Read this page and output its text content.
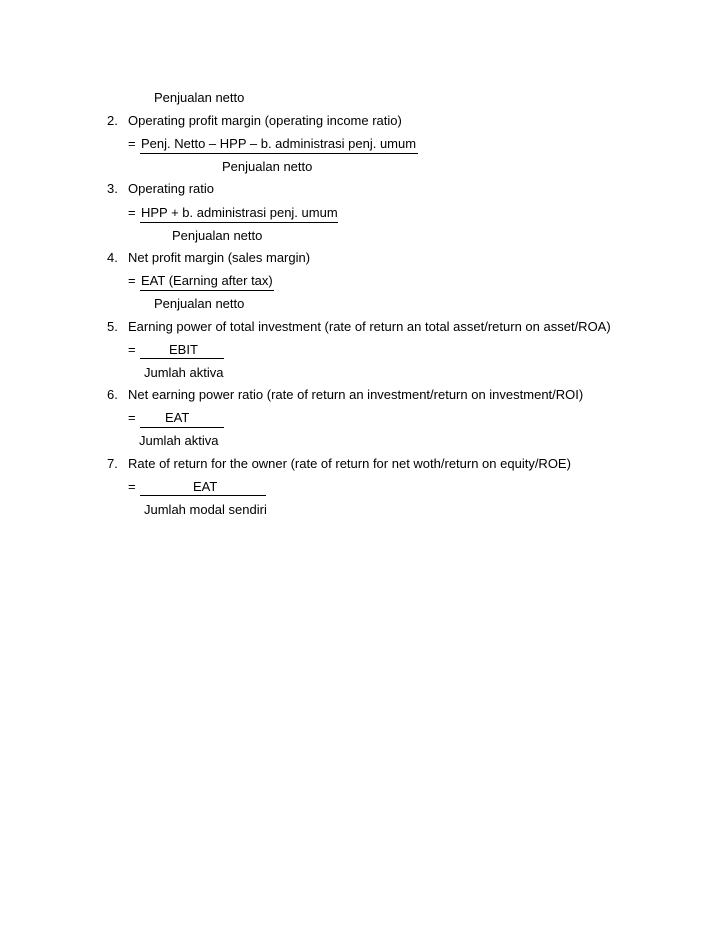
Penjualan netto
2. Operating profit margin (operating income ratio)
= Penj. Netto – HPP – b. administrasi penj. umum
Penjualan netto
3. Operating ratio
= HPP + b. administrasi penj. umum
Penjualan netto
4. Net profit margin (sales margin)
= EAT (Earning after tax)
Penjualan netto
5. Earning power of total investment (rate of return an total asset/return on asset/ROA)
=	EBIT
Jumlah aktiva
6. Net earning power ratio (rate of return an investment/return on investment/ROI)
= EAT
Jumlah aktiva
7. Rate of return for the owner (rate of return for net woth/return on equity/ROE)
=	EAT
Jumlah modal sendiri
